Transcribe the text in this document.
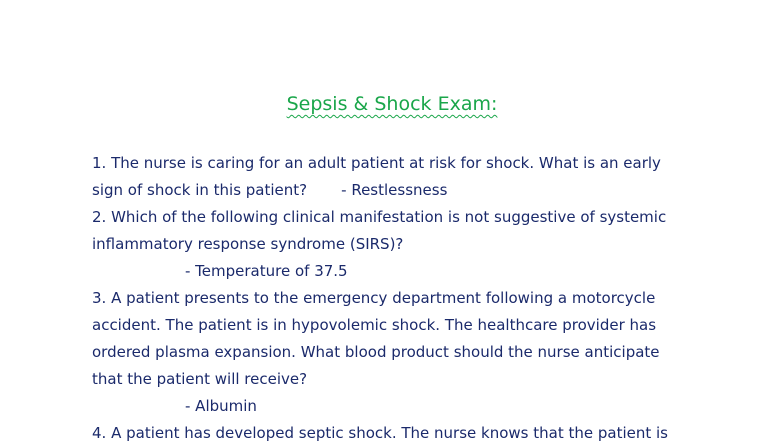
Sepsis & Shock Exam:
1. The nurse is caring for an adult patient at risk for shock. What is an early
sign of shock in this patient? - Restlessness
2. Which of the following clinical manifestation is not suggestive of systemic
inflammatory response syndrome (SIRS)?
- Temperature of 37.5
3. A patient presents to the emergency department following a motorcycle
accident. The patient is in hypovolemic shock. The healthcare provider has
ordered plasma expansion. What blood product should the nurse anticipate
that the patient will receive?
- Albumin
4. A patient has developed septic shock. The nurse knows that the patient is
